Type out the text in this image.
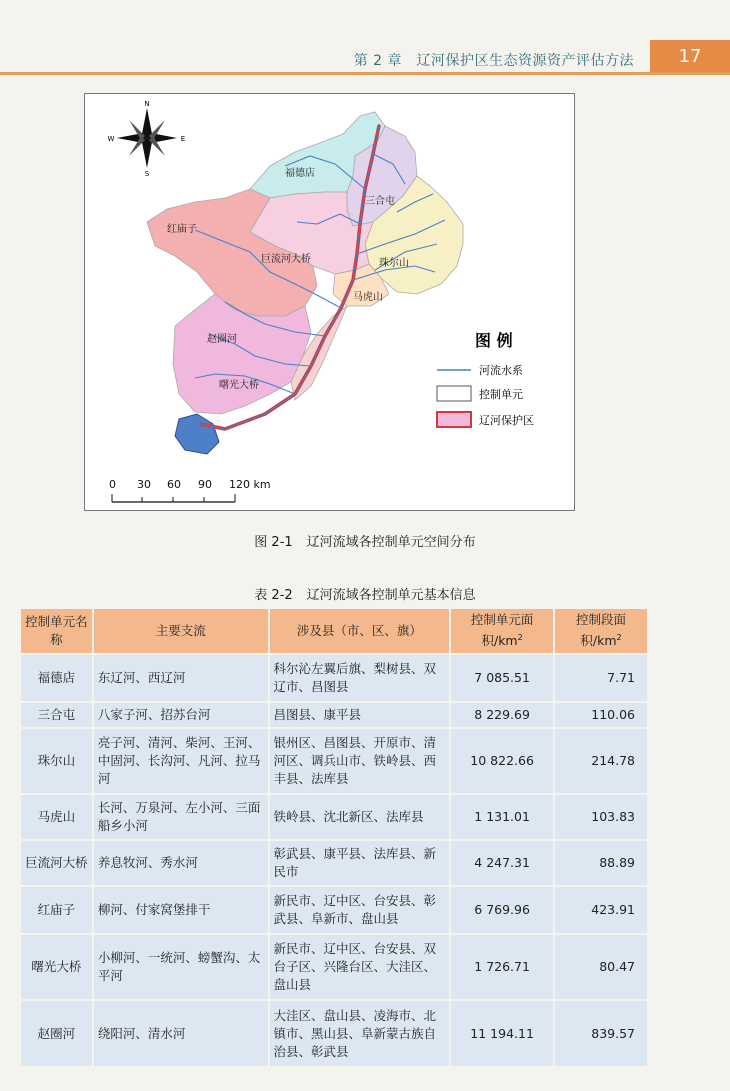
第 2 章　辽河保护区生态资源资产评估方法	17
N
S
E
W
福德店
三合屯
红庙子
巨流河大桥	珠尔山
马虎山
赵圈河
曙光大桥
图 例
河流水系
控制单元
辽河保护区
0 30 60 90 120 km
图 2-1 辽河流域各控制单元空间分布
表 2-2 辽河流域各控制单元基本信息
控制单元名称	主要支流	涉及县（市、区、旗）	控制单元面积$/km^2$	控制段面积$/km^2$
福德店	东辽河、西辽河	科尔沁左翼后旗、梨树县、双辽市、昌图县	7 085.51	7.71
三合屯	八家子河、招苏台河	昌图县、康平县	8 229.69	110.06
珠尔山	亮子河、清河、柴河、王河、中固河、长沟河、凡河、拉马河	银州区、昌图县、开原市、清河区、调兵山市、铁岭县、西丰县、法库县	10 822.66	214.78
马虎山	长河、万泉河、左小河、三面船乡小河	铁岭县、沈北新区、法库县	1 131.01	103.83
巨流河大桥	养息牧河、秀水河	彰武县、康平县、法库县、新民市	4 247.31	88.89
红庙子	柳河、付家窝堡排干	新民市、辽中区、台安县、彰武县、阜新市、盘山县	6 769.96	423.91
曙光大桥	小柳河、一统河、螃蟹沟、太平河	新民市、辽中区、台安县、双台子区、兴隆台区、大洼区、盘山县	1 726.71	80.47
赵圈河	绕阳河、清水河	大洼区、盘山县、凌海市、北镇市、黑山县、阜新蒙古族自治县、彰武县	11 194.11	839.57
